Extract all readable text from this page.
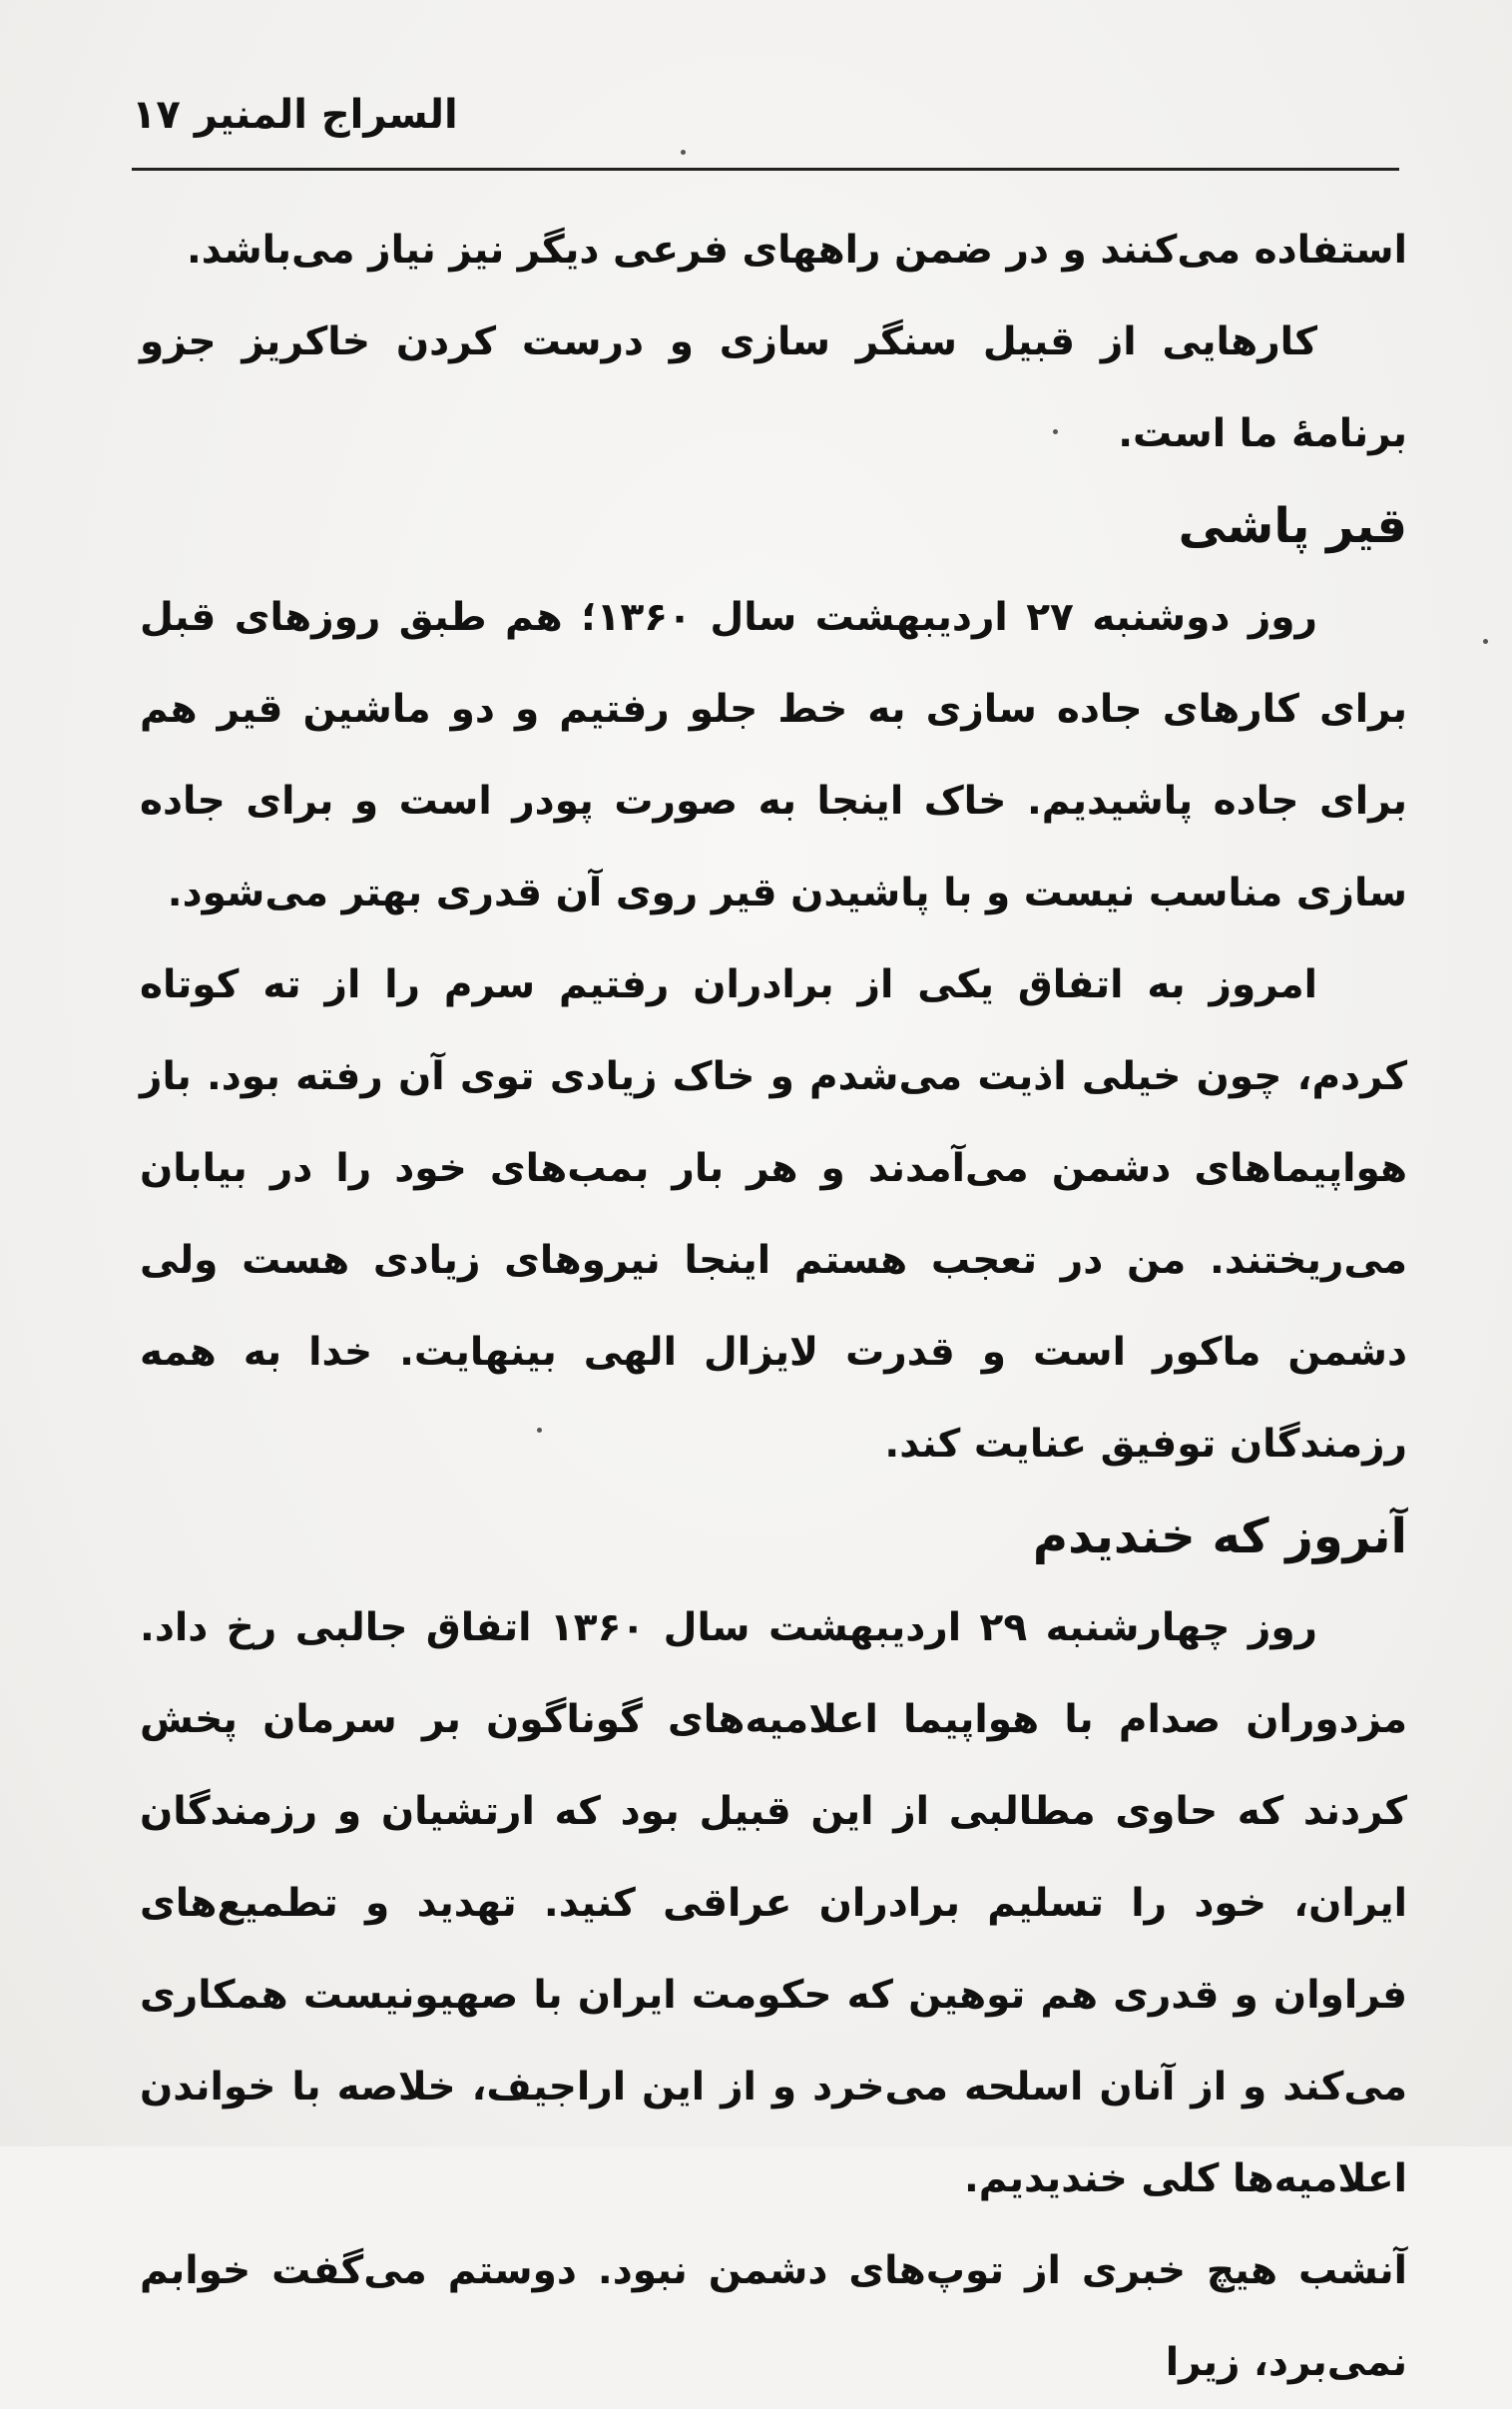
السراج المنیر۱۷

استفاده می‌کنند و در ضمن راههای فرعی دیگر نیز نیاز می‌باشد.

کارهایی از قبیل سنگر سازی و درست کردن خاکریز جزو برنامهٔ ما است.

قیر پاشی

روز دوشنبه ۲۷ اردیبهشت سال ۱۳۶۰؛ هم طبق روزهای قبل برای کارهای جاده سازی به خط جلو رفتیم و دو ماشین قیر هم برای جاده پاشیدیم. خاک اینجا به صورت پودر است و برای جاده سازی مناسب نیست و با پاشیدن قیر روی آن قدری بهتر می‌شود.

امروز به اتفاق یکی از برادران رفتیم سرم را از ته کوتاه کردم، چون خیلی اذیت می‌شدم و خاک زیادی توی آن رفته بود. باز هواپیماهای دشمن می‌آمدند و هر بار بمب‌های خود را در بیابان می‌ریختند. من در تعجب هستم اینجا نیروهای زیادی هست ولی دشمن ماکور است و قدرت لایزال الهی بینهایت. خدا به همه رزمندگان توفیق عنایت کند.

آنروز که خندیدم

روز چهارشنبه ۲۹ اردیبهشت سال ۱۳۶۰ اتفاق جالبی رخ داد. مزدوران صدام با هواپیما اعلامیه‌های گوناگون بر سرمان پخش کردند که حاوی مطالبی از این قبیل بود که ارتشیان و رزمندگان ایران، خود را تسلیم برادران عراقی کنید. تهدید و تطمیع‌های فراوان و قدری هم توهین که حکومت ایران با صهیونیست همکاری می‌کند و از آنان اسلحه می‌خرد و از این اراجیف، خلاصه با خواندن اعلامیه‌ها کلی خندیدیم.

آنشب هیچ خبری از توپ‌های دشمن نبود. دوستم می‌گفت خوابم نمی‌برد، زیرا
